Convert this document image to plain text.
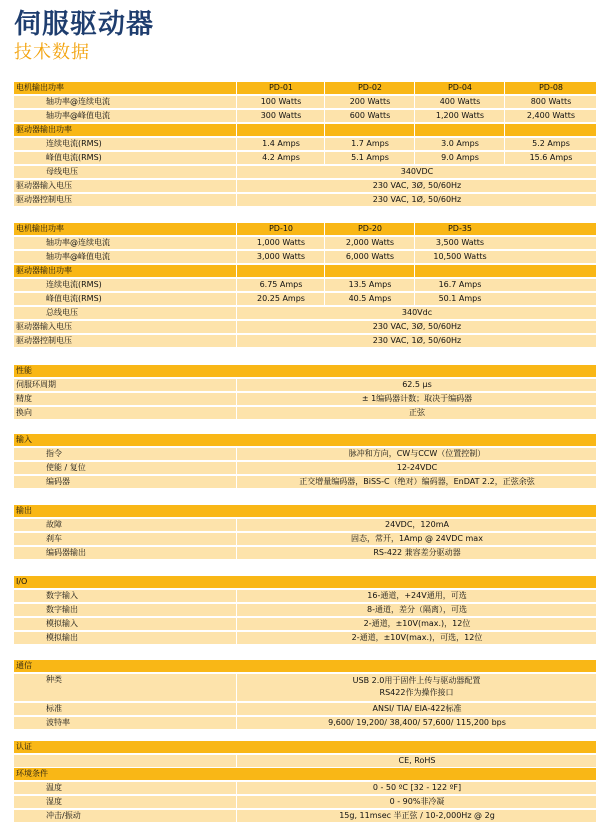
伺服驱动器
技术数据
电机输出功率	PD-01	PD-02	PD-04	PD-08
轴功率@连续电流	100 Watts	200 Watts	400 Watts	800 Watts
轴功率@峰值电流	300 Watts	600 Watts	1,200 Watts	2,400 Watts
驱动器输出功率
连续电流(RMS)	1.4 Amps	1.7 Amps	3.0 Amps	5.2 Amps
峰值电流(RMS)	4.2 Amps	5.1 Amps	9.0 Amps	15.6 Amps
母线电压	340VDC
驱动器输入电压	230 VAC, 3Ø, 50/60Hz
驱动器控制电压	230 VAC, 1Ø, 50/60Hz
电机输出功率	PD-10	PD-20	PD-35
轴功率@连续电流	1,000 Watts	2,000 Watts	3,500 Watts
轴功率@峰值电流	3,000 Watts	6,000 Watts	10,500 Watts
驱动器输出功率
连续电流(RMS)	6.75 Amps	13.5 Amps	16.7 Amps
峰值电流(RMS)	20.25 Amps	40.5 Amps	50.1 Amps
总线电压	340Vdc
驱动器输入电压	230 VAC, 3Ø, 50/60Hz
驱动器控制电压	230 VAC, 1Ø, 50/60Hz
性能
伺服环周期	62.5 µs
精度	± 1编码器计数；取决于编码器
换向	正弦
输入
指令	脉冲和方向，CW与CCW（位置控制）
使能 / 复位	12-24VDC
编码器	正交增量编码器，BiSS-C（绝对）编码器，EnDAT 2.2，正弦余弦
输出
故障	24VDC，120mA
刹车	固态，常开，1Amp @ 24VDC max
编码器输出	RS-422 兼容差分驱动器
I/O
数字输入	16-通道，+24V通用，可选
数字输出	8-通道，差分（隔离），可选
模拟输入	2-通道，±10V(max.)，12位
模拟输出	2-通道，±10V(max.)，可选，12位
通信
种类	USB 2.0用于固件上传与驱动器配置
RS422作为操作接口
标准	ANSI/ TIA/ EIA-422标准
波特率	9,600/ 19,200/ 38,400/ 57,600/ 115,200 bps
认证
CE, RoHS
环境条件
温度	0 - 50 ºC [32 - 122 ºF]
湿度	0 - 90%非冷凝
冲击/振动	15g, 11msec 半正弦 / 10-2,000Hz @ 2g
